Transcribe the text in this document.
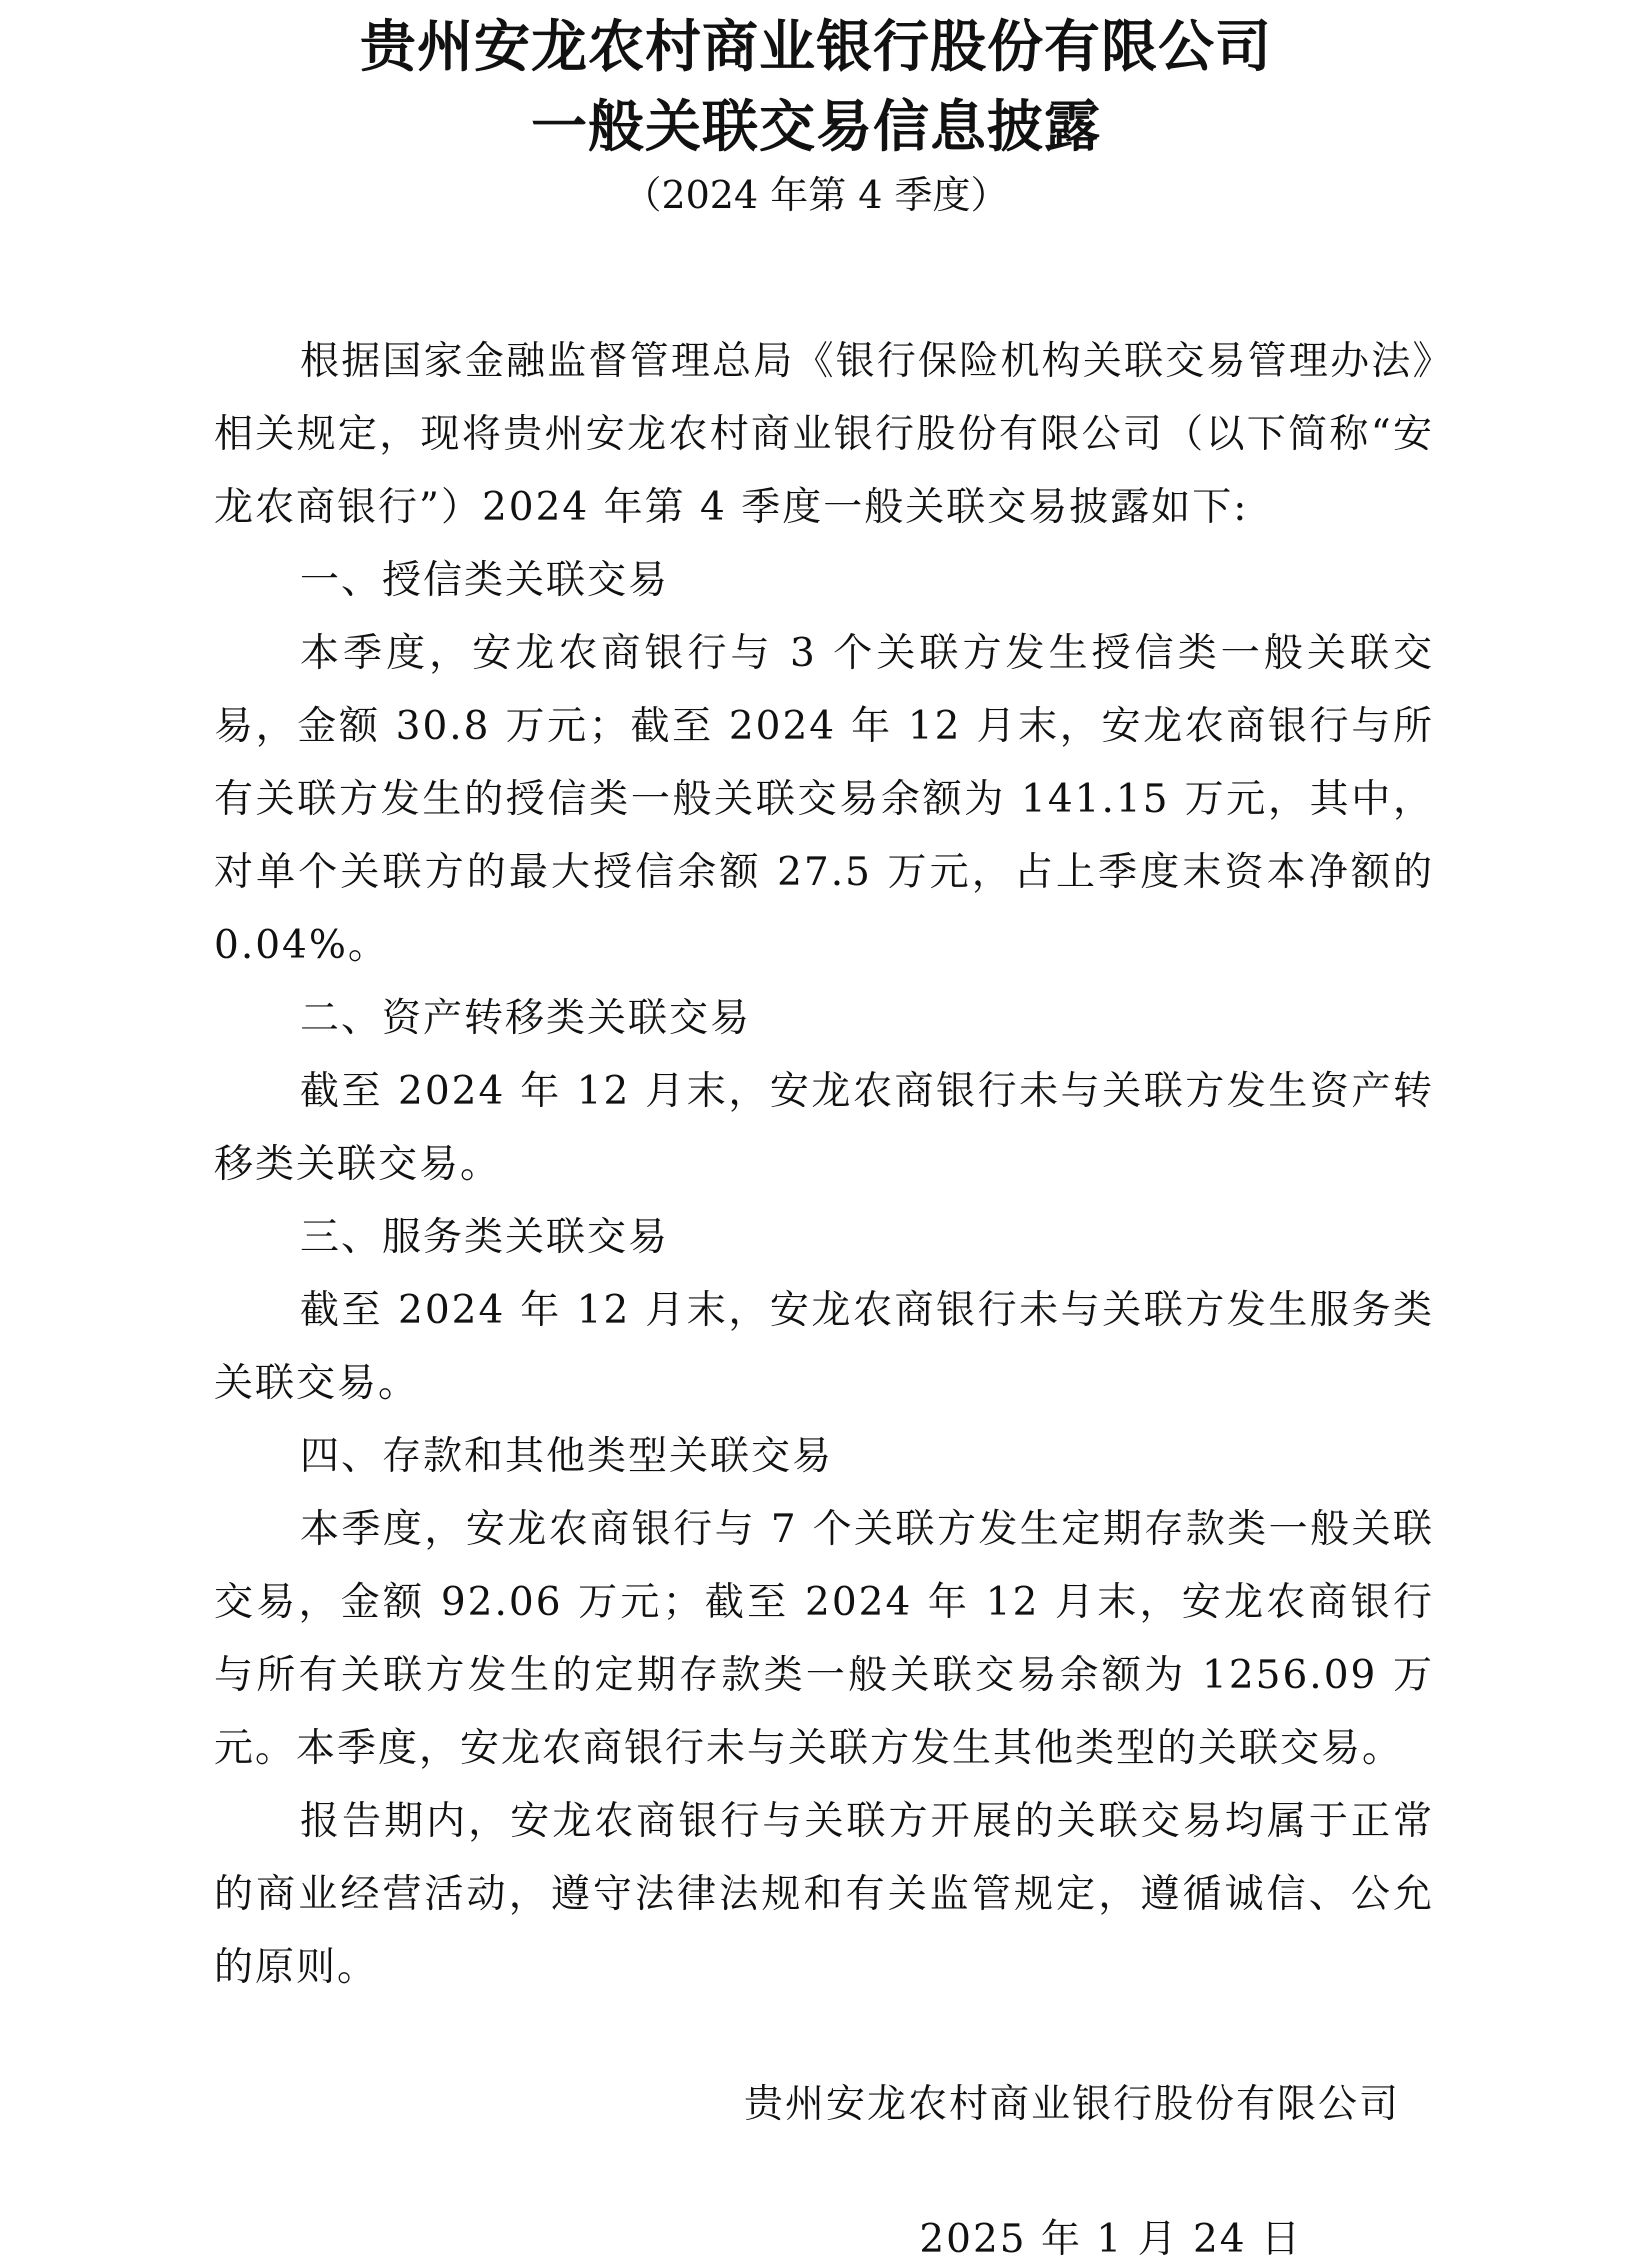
贵州安龙农村商业银行股份有限公司
一般关联交易信息披露
（2024 年第 4 季度）

根据国家金融监督管理总局《银行保险机构关联交易管理办法》相关规定，现将贵州安龙农村商业银行股份有限公司（以下简称“安龙农商银行”）2024 年第 4 季度一般关联交易披露如下:

一、授信类关联交易

本季度，安龙农商银行与 3 个关联方发生授信类一般关联交易，金额 30.8 万元；截至 2024 年 12 月末，安龙农商银行与所有关联方发生的授信类一般关联交易余额为 141.15 万元，其中，对单个关联方的最大授信余额 27.5 万元，占上季度末资本净额的 0.04%。

二、资产转移类关联交易

截至 2024 年 12 月末，安龙农商银行未与关联方发生资产转移类关联交易。

三、服务类关联交易

截至 2024 年 12 月末，安龙农商银行未与关联方发生服务类关联交易。

四、存款和其他类型关联交易

本季度，安龙农商银行与 7 个关联方发生定期存款类一般关联交易，金额 92.06 万元；截至 2024 年 12 月末，安龙农商银行与所有关联方发生的定期存款类一般关联交易余额为 1256.09 万元。本季度，安龙农商银行未与关联方发生其他类型的关联交易。

报告期内，安龙农商银行与关联方开展的关联交易均属于正常的商业经营活动，遵守法律法规和有关监管规定，遵循诚信、公允的原则。

贵州安龙农村商业银行股份有限公司
2025 年 1 月 24 日
